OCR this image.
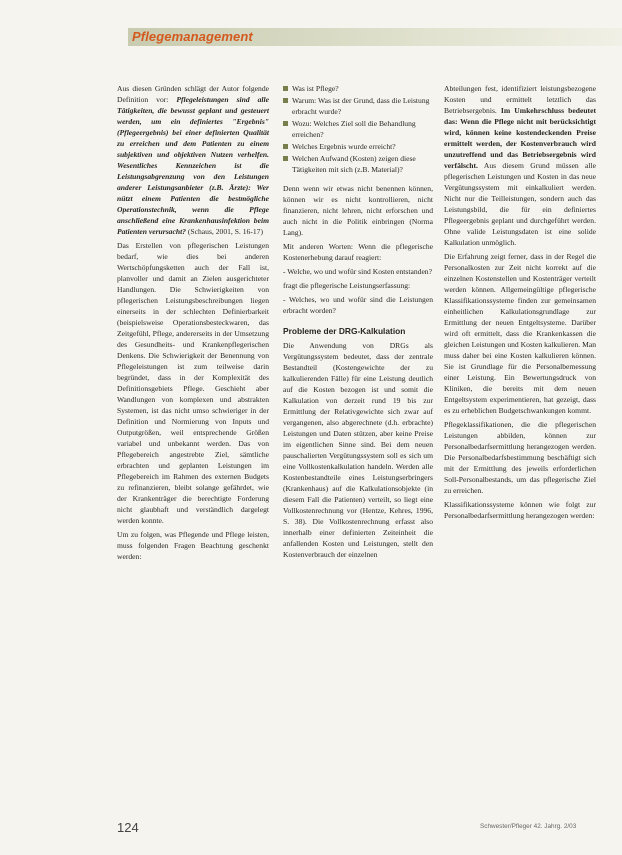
Pflegemanagement

Aus diesen Gründen schlägt der Autor folgende Definition vor: Pflegeleistungen sind alle Tätigkeiten, die bewusst geplant und gesteuert werden, um ein definiertes "Ergebnis" (Pflegeergebnis) bei einer definierten Qualität zu erreichen und dem Patienten zu einem subjektiven und objektiven Nutzen verhelfen. Wesentliches Kennzeichen ist die Leistungsabgrenzung von den Leistungen anderer Leistungsanbieter (z.B. Ärzte): Wer nützt einem Patienten die bestmögliche Operationstechnik, wenn die Pflege anschließend eine Krankenhausinfektion beim Patienten verursacht? (Schaus, 2001, S. 16-17)

Das Erstellen von pflegerischen Leistungen bedarf, wie dies bei anderen Wertschöpfungsketten auch der Fall ist, planvoller und damit an Zielen ausgerichteter Handlungen. Die Schwierigkeiten von pflegerischen Leistungsbeschreibungen liegen einerseits in der schlechten Definierbarkeit (beispielsweise Operationsbesteckwaren, das Zeitgefühl, Pflege, andererseits in der Umsetzung des Gesundheits- und Krankenpflegerischen Denkens. Die Schwierigkeit der Benennung von Pflegeleistungen ist zum teilweise darin begründet, dass in der Komplexität des Definitionsgebiets Pflege. Geschieht aber Wandlungen von komplexen und abstrakten Systemen, ist das nicht umso schwieriger in der Definition und Normierung von Inputs und Outputgrößen, weil entsprechende Größen variabel und unbekannt werden. Das von Pflegebereich angestrebte Ziel, sämtliche erbrachten und geplanten Leistungen im Pflegebereich im Rahmen des externen Budgets zu refinanzieren, bleibt solange gefährdet, wie der Krankenträger die berechtigte Forderung nicht glaubhaft und verständlich dargelegt werden konnte.

Um zu folgen, was Pflegende und Pflege leisten, muss folgenden Fragen Beachtung geschenkt werden:

Was ist Pflege?
Warum: Was ist der Grund, dass die Leistung erbracht wurde?
Wozu: Welches Ziel soll die Behandlung erreichen?
Welches Ergebnis wurde erreicht?
Welchen Aufwand (Kosten) zeigen diese Tätigkeiten mit sich (z.B. Material)?

Denn wenn wir etwas nicht benennen können, können wir es nicht kontrollieren, nicht finanzieren, nicht lehren, nicht erforschen und auch nicht in die Politik einbringen (Norma Lang).

Mit anderen Worten: Wenn die pflegerische Kostenerhebung darauf reagiert:

- Welche, wo und wofür sind Kosten entstanden?

fragt die pflegerische Leistungserfassung:

- Welches, wo und wofür sind die Leistungen erbracht worden?

Probleme der DRG-Kalkulation

Die Anwendung von DRGs als Vergütungssystem bedeutet, dass der zentrale Bestandteil (Kostengewichte der zu kalkulierenden Fälle) für eine Leistung deutlich auf die Kosten bezogen ist und somit die Kalkulation von derzeit rund 19 bis zur Ermittlung der Relativgewichte sich zwar auf vergangenen, also abgerechnete (d.h. erbrachte) Leistungen und Daten stützen, aber keine Preise im eigentlichen Sinne sind. Bei dem neuen pauschalierten Vergütungssystem soll es sich um eine Vollkostenkalkulation handeln. Werden alle Kostenbestandteile eines Leistungserbringers (Krankenhaus) auf die Kalkulationsobjekte (in diesem Fall die Patienten) verteilt, so liegt eine Vollkostenrechnung vor (Hentze, Kehres, 1996, S. 38). Die Vollkostenrechnung erfasst also innerhalb einer definierten Zeiteinheit die anfallenden Kosten und Leistungen, stellt den Kostenverbrauch der einzelnen

Abteilungen fest, identifiziert leistungsbezogene Kosten und ermittelt letztlich das Betriebsergebnis. Im Umkehrschluss bedeutet das: Wenn die Pflege nicht mit berücksichtigt wird, können keine kostendeckenden Preise ermittelt werden, der Kostenverbrauch wird unzutreffend und das Betriebsergebnis wird verfälscht. Aus diesem Grund müssen alle pflegerischen Leistungen und Kosten in das neue Vergütungssystem mit einkalkuliert werden. Nicht nur die Teilleistungen, sondern auch das Leistungsbild, die für ein definiertes Pflegeergebnis geplant und durchgeführt werden. Ohne valide Leistungsdaten ist eine solide Kalkulation unmöglich.

Die Erfahrung zeigt ferner, dass in der Regel die Personalkosten zur Zeit nicht korrekt auf die einzelnen Kostenstellen und Kostenträger verteilt werden können. Allgemeingültige pflegerische Klassifikationssysteme finden zur gemeinsamen einheitlichen Kalkulationsgrundlage zur Ermittlung der neuen Entgeltsysteme. Darüber wird oft ermittelt, dass die Krankenkassen die gleichen Leistungen und Kosten kalkulieren. Man muss daher bei eine Kosten kalkulieren können. Sie ist Grundlage für die Personalbemessung einer Leistung. Ein Bewertungsdruck von Kliniken, die bereits mit dem neuen Entgeltsystem experimentieren, hat gezeigt, dass es zu erheblichen Budgetschwankungen kommt.

Pflegeklassifikationen, die die pflegerischen Leistungen abbilden, können zur Personalbedarfsermittlung herangezogen werden. Die Personalbedarfsbestimmung beschäftigt sich mit der Ermittlung des jeweils erforderlichen Soll-Personalbestands, um das pflegerische Ziel zu erreichen.

Klassifikationssysteme können wie folgt zur Personalbedarfsermittlung herangezogen werden:

124	Schwester/Pfleger 42. Jahrg. 2/03
